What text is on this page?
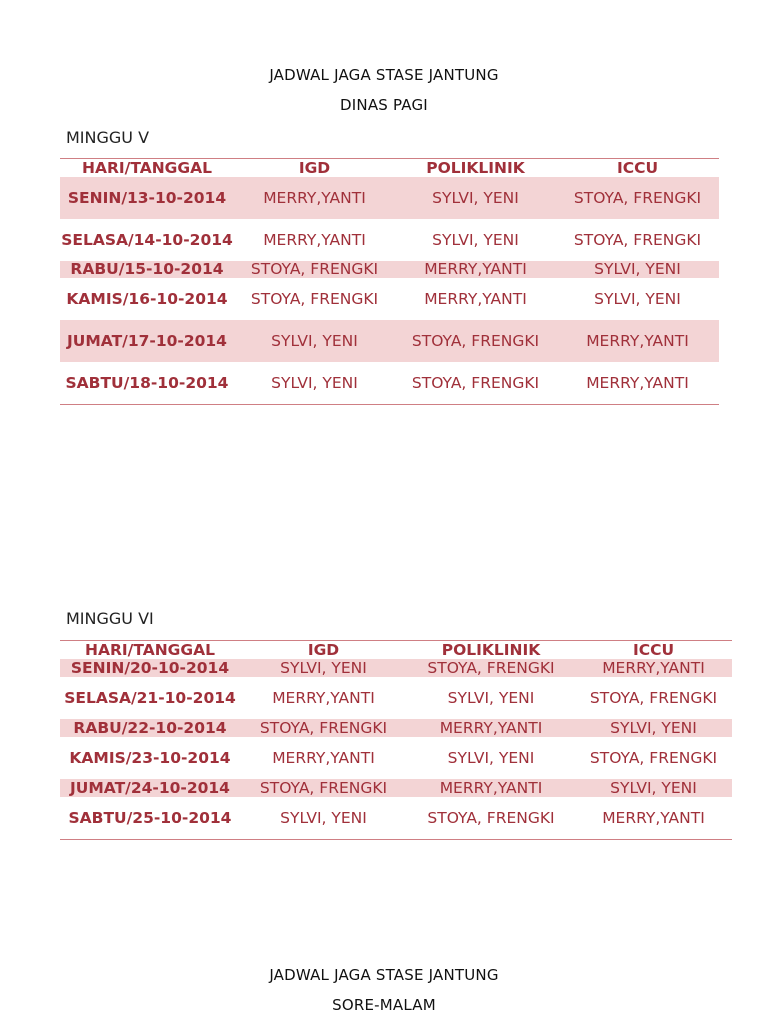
JADWAL JAGA STASE JANTUNG
DINAS PAGI
MINGGU V
HARI/TANGGAL	IGD	POLIKLINIK	ICCU
SENIN/13-10-2014	MERRY,YANTI	SYLVI, YENI	STOYA, FRENGKI
SELASA/14-10-2014	MERRY,YANTI	SYLVI, YENI	STOYA, FRENGKI
RABU/15-10-2014	STOYA, FRENGKI	MERRY,YANTI	SYLVI, YENI
KAMIS/16-10-2014	STOYA, FRENGKI	MERRY,YANTI	SYLVI, YENI
JUMAT/17-10-2014	SYLVI, YENI	STOYA, FRENGKI	MERRY,YANTI
SABTU/18-10-2014	SYLVI, YENI	STOYA, FRENGKI	MERRY,YANTI
MINGGU VI
HARI/TANGGAL	IGD	POLIKLINIK	ICCU
SENIN/20-10-2014	SYLVI, YENI	STOYA, FRENGKI	MERRY,YANTI
SELASA/21-10-2014	MERRY,YANTI	SYLVI, YENI	STOYA, FRENGKI
RABU/22-10-2014	STOYA, FRENGKI	MERRY,YANTI	SYLVI, YENI
KAMIS/23-10-2014	MERRY,YANTI	SYLVI, YENI	STOYA, FRENGKI
JUMAT/24-10-2014	STOYA, FRENGKI	MERRY,YANTI	SYLVI, YENI
SABTU/25-10-2014	SYLVI, YENI	STOYA, FRENGKI	MERRY,YANTI
JADWAL JAGA STASE JANTUNG
SORE-MALAM
